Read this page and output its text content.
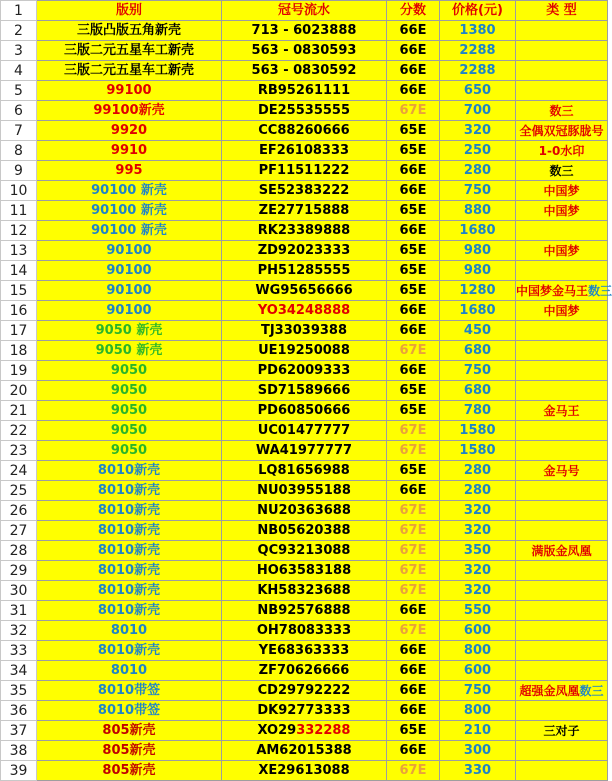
1	版别	冠号流水	分数	价格(元)	类 型
2	三版凸版五角新壳	713 - 6023888	66E	1380	
3	三版二元五星车工新壳	563 - 0830593	66E	2288	
4	三版二元五星车工新壳	563 - 0830592	66E	2288	
5	99100	RB95261111	66E	650	
6	99100新壳	DE25535555	67E	700	数三
7	9920	CC88260666	65E	320	全偶双冠豚胧号
8	9910	EF26108333	65E	250	1-0水印
9	995	PF11511222	66E	280	数三
10	90100 新壳	SE52383222	66E	750	中国梦
11	90100 新壳	ZE27715888	65E	880	中国梦
12	90100 新壳	RK23389888	66E	1680	
13	90100	ZD92023333	65E	980	中国梦
14	90100	PH51285555	65E	980	
15	90100	WG95656666	65E	1280	中国梦金马王数三
16	90100	YO34248888	66E	1680	中国梦
17	9050 新壳	TJ33039388	66E	450	
18	9050 新壳	UE19250088	67E	680	
19	9050	PD62009333	66E	750	
20	9050	SD71589666	65E	680	
21	9050	PD60850666	65E	780	金马王
22	9050	UC01477777	67E	1580	
23	9050	WA41977777	67E	1580	
24	8010新壳	LQ81656988	65E	280	金马号
25	8010新壳	NU03955188	66E	280	
26	8010新壳	NU20363688	67E	320	
27	8010新壳	NB05620388	67E	320	
28	8010新壳	QC93213088	67E	350	满版金凤凰
29	8010新壳	HO63583188	67E	320	
30	8010新壳	KH58323688	67E	320	
31	8010新壳	NB92576888	66E	550	
32	8010	OH78083333	67E	600	
33	8010新壳	YE68363333	66E	800	
34	8010	ZF70626666	66E	600	
35	8010带签	CD29792222	66E	750	超强金凤凰数三
36	8010带签	DK92773333	66E	800	
37	805新壳	XO29332288	65E	210	三对子
38	805新壳	AM62015388	66E	300	
39	805新壳	XE29613088	67E	330	
